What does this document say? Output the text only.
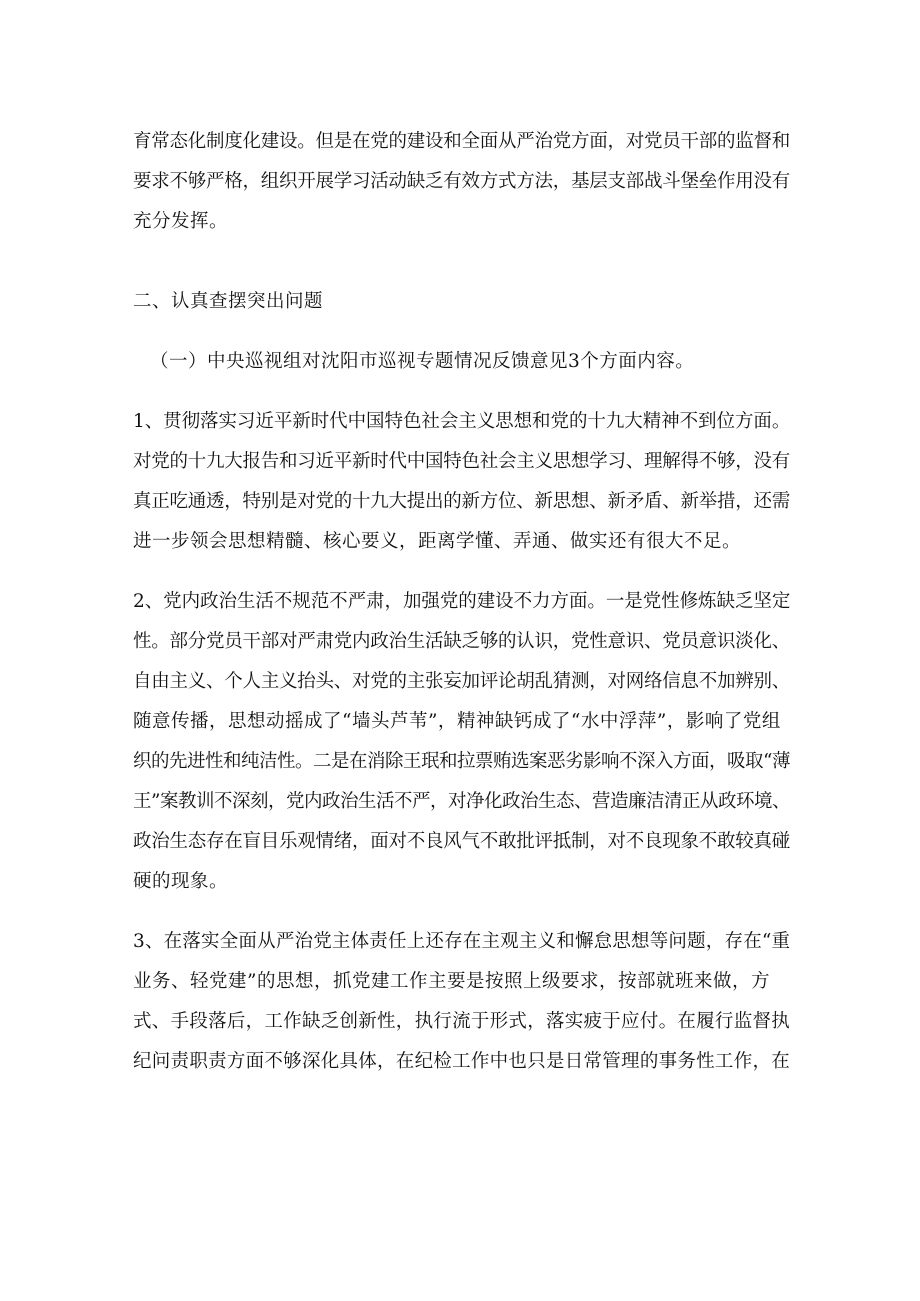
育常态化制度化建设。但是在党的建设和全面从严治党方面，对党员干部的监督和
要求不够严格，组织开展学习活动缺乏有效方式方法，基层支部战斗堡垒作用没有
充分发挥。
二、认真查摆突出问题
（一）中央巡视组对沈阳市巡视专题情况反馈意见3个方面内容。
1、贯彻落实习近平新时代中国特色社会主义思想和党的十九大精神不到位方面。
对党的十九大报告和习近平新时代中国特色社会主义思想学习、理解得不够，没有
真正吃通透，特别是对党的十九大提出的新方位、新思想、新矛盾、新举措，还需
进一步领会思想精髓、核心要义，距离学懂、弄通、做实还有很大不足。
2、党内政治生活不规范不严肃，加强党的建设不力方面。一是党性修炼缺乏坚定
性。部分党员干部对严肃党内政治生活缺乏够的认识，党性意识、党员意识淡化、
自由主义、个人主义抬头、对党的主张妄加评论胡乱猜测，对网络信息不加辨别、
随意传播，思想动摇成了“墙头芦苇”，精神缺钙成了“水中浮萍”，影响了党组
织的先进性和纯洁性。二是在消除王珉和拉票贿选案恶劣影响不深入方面，吸取“薄
王”案教训不深刻，党内政治生活不严，对净化政治生态、营造廉洁清正从政环境、
政治生态存在盲目乐观情绪，面对不良风气不敢批评抵制，对不良现象不敢较真碰
硬的现象。
3、在落实全面从严治党主体责任上还存在主观主义和懈怠思想等问题，存在“重
业务、轻党建”的思想，抓党建工作主要是按照上级要求，按部就班来做，方
式、手段落后，工作缺乏创新性，执行流于形式，落实疲于应付。在履行监督执
纪问责职责方面不够深化具体，在纪检工作中也只是日常管理的事务性工作，在
